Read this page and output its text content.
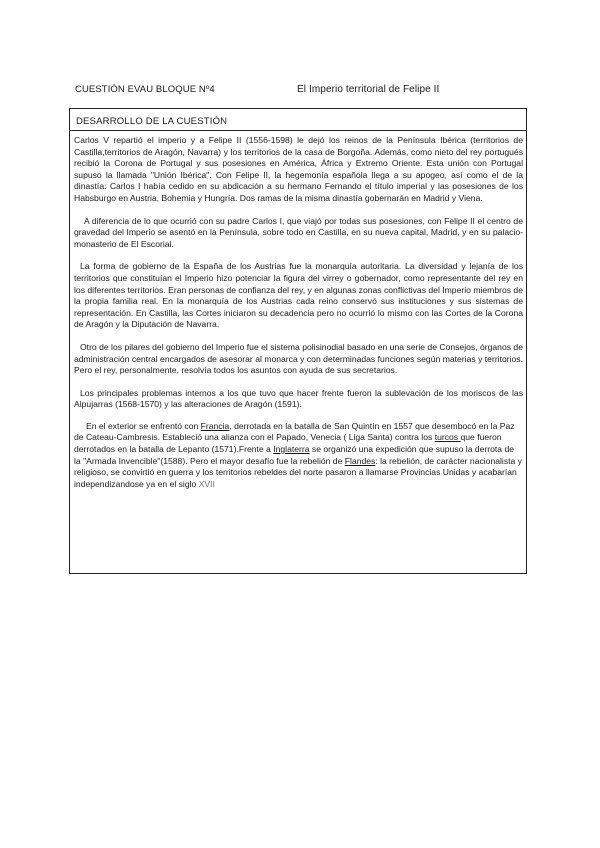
CUESTIÓN EVAU BLOQUE Nº4	El Imperio territorial de Felipe II
DESARROLLO DE LA CUESTIÓN

Carlos V repartió el imperio y a Felipe II (1556-1598) le dejó los reinos de la Península Ibérica (territorios de Castilla,territorios de Aragón, Navarra) y los territorios de la casa de Borgoña. Además, como nieto del rey portugués recibió la Corona de Portugal y sus posesiones en América, África y Extremo Oriente. Esta unión con Portugal supuso la llamada "Unión Ibérica". Con Felipe II, la hegemonía española llega a su apogeo, así como el de la dinastía: Carlos I había cedido en su abdicación a su hermano Fernando el título imperial y las posesiones de los Habsburgo en Austria, Bohemia y Hungría. Dos ramas de la misma dinastía gobernarán en Madrid y Viena.

A diferencia de lo que ocurrió con su padre Carlos I, que viajó por todas sus posesiones, con Felipe II el centro de gravedad del Imperio se asentó en la Península, sobre todo en Castilla, en su nueva capital, Madrid, y en su palacio-monasterio de El Escorial.

La forma de gobierno de la España de los Austrias fue la monarquía autoritaria. La diversidad y lejanía de los territorios que constituían el Imperio hizo potenciar la figura del virrey o gobernador, como representante del rey en los diferentes territorios. Eran personas de confianza del rey, y en algunas zonas conflictivas del Imperio miembros de la propia familia real. En la monarquía de los Austrias cada reino conservó sus instituciones y sus sistemas de representación. En Castilla, las Cortes iniciaron su decadencia pero no ocurrió lo mismo con las Cortes de la Corona de Aragón y la Diputación de Navarra.

Otro de los pilares del gobierno del Imperio fue el sistema polisinodial basado en una serie de Consejos, órganos de administración central encargados de asesorar al monarca y con determinadas funciones según materias y territorios. Pero el rey, personalmente, resolvía todos los asuntos con ayuda de sus secretarios.

Los principales problemas internos a los que tuvo que hacer frente fueron la sublevación de los moriscos de las Alpujarras (1568-1570) y las alteraciones de Aragón (1591).

En el exterior se enfrentó con Francia, derrotada en la batalla de San Quintín en 1557 que desembocó en la Paz de Cateau-Cambresis. Estableció una alianza con el Papado, Venecia ( Liga Santa) contra los turcos que fueron derrotados en la batalla de Lepanto (1571).Frente a Inglaterra se organizó una expedición que supuso la derrota de la "Armada Invencible"(1588). Pero el mayor desafío fue la rebelión de Flandes: la rebelión, de carácter nacionalista y religioso, se convirtió en guerra y los territorios rebeldes del norte pasaron a llamarse Provincias Unidas y acabarían independizandose ya en el siglo XVII
